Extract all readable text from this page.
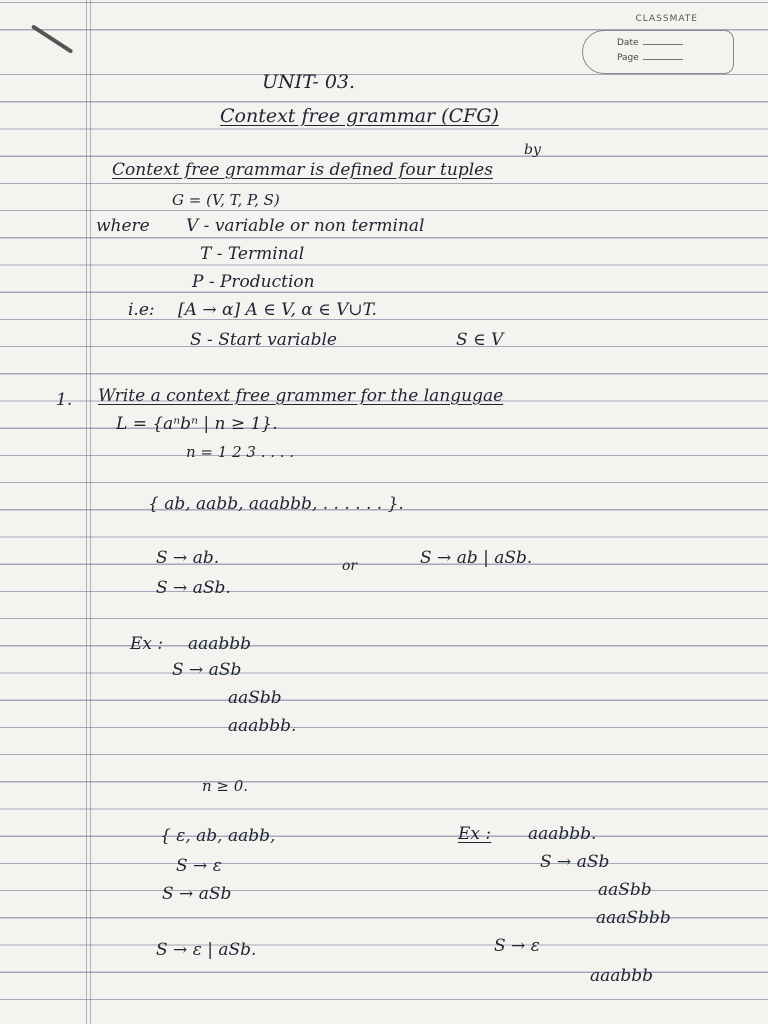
CLASSMATE
Date
Page
UNIT- 03.
Context free grammar (CFG)
by
Context free grammar is defined four tuples
G = (V, T, P, S)
where V - variable or non terminal
T - Terminal
P - Production
i.e: [A → α] A ∈ V, α ∈ V∪T.
S - Start variable	S ∈ V
1. Write a context free grammer for the langugae
L = {aⁿbⁿ | n ≥ 1}.
n = 1 2 3 . . . .
{ ab, aabb, aaabbb, . . . . . . }.
S → ab.	or	S → ab | aSb.
S → aSb.
Ex : aaabbb
S → aSb
aaSbb
aaabbb.
n ≥ 0.
{ ε, ab, aabb,
S → ε
S → aSb
S → ε | aSb.
Ex : aaabbb.
S → aSb
aaSbb
aaaSbbb
S → ε
aaabbb
